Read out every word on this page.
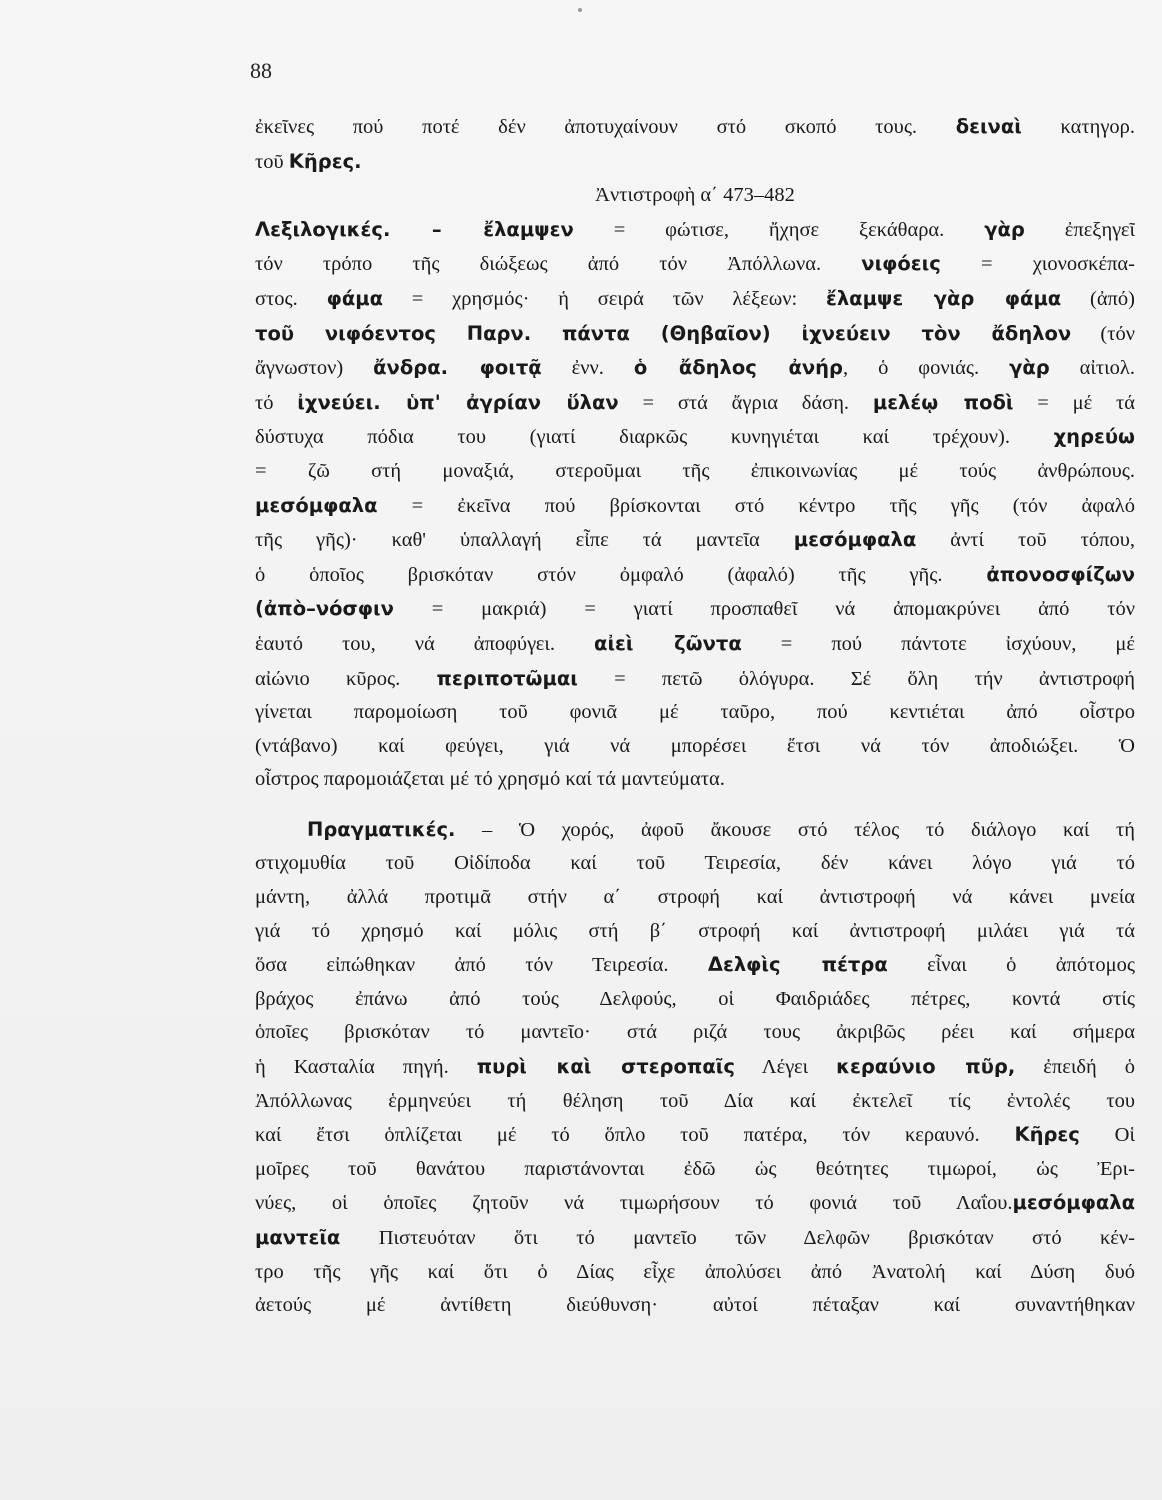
88
ἐκεῖνες πού ποτέ δέν ἀποτυχαίνουν στό σκοπό τους. δειναὶ κατηγορ.
τοῦ Κῆρες.
Ἀντιστροφὴ α΄ 473–482
Λεξιλογικές. – ἔλαμψεν = φώτισε, ἤχησε ξεκάθαρα. γὰρ ἐπεξηγεῖ
τόν τρόπο τῆς διώξεως ἀπό τόν Ἀπόλλωνα. νιφόεις = χιονοσκέπα-
στος. φάμα = χρησμός· ἡ σειρά τῶν λέξεων: ἔλαμψε γὰρ φάμα (ἀπό)
τοῦ νιφόεντος Παρν. πάντα (Θηβαῖον) ἰχνεύειν τὸν ἄδηλον (τόν
ἄγνωστον) ἄνδρα. φοιτᾷ ἐνν. ὁ ἄδηλος ἀνήρ, ὁ φονιάς. γὰρ αἰτιολ.
τό ἰχνεύει. ὑπ' ἀγρίαν ὕλαν = στά ἄγρια δάση. μελέῳ ποδὶ = μέ τά
δύστυχα πόδια του (γιατί διαρκῶς κυνηγιέται καί τρέχουν). χηρεύω
= ζῶ στή μοναξιά, στεροῦμαι τῆς ἐπικοινωνίας μέ τούς ἀνθρώπους.
μεσόμφαλα = ἐκεῖνα πού βρίσκονται στό κέντρο τῆς γῆς (τόν ἀφαλό
τῆς γῆς)· καθ' ὑπαλλαγή εἶπε τά μαντεῖα μεσόμφαλα ἀντί τοῦ τόπου,
ὁ ὁποῖος βρισκόταν στόν ὀμφαλό (ἀφαλό) τῆς γῆς. ἀπονοσφίζων
(ἀπὸ–νόσφιν = μακριά) = γιατί προσπαθεῖ νά ἀπομακρύνει ἀπό τόν
ἑαυτό του, νά ἀποφύγει. αἰεὶ ζῶντα = πού πάντοτε ἰσχύουν, μέ
αἰώνιο κῦρος. περιποτῶμαι = πετῶ ὁλόγυρα. Σέ ὅλη τήν ἀντιστροφή
γίνεται παρομοίωση τοῦ φονιᾶ μέ ταῦρο, πού κεντιέται ἀπό οἶστρο
(ντάβανο) καί φεύγει, γιά νά μπορέσει ἔτσι νά τόν ἀποδιώξει. Ὁ
οἶστρος παρομοιάζεται μέ τό χρησμό καί τά μαντεύματα.
Πραγματικές. – Ὁ χορός, ἀφοῦ ἄκουσε στό τέλος τό διάλογο καί τή
στιχομυθία τοῦ Οἰδίποδα καί τοῦ Τειρεσία, δέν κάνει λόγο γιά τό
μάντη, ἀλλά προτιμᾶ στήν α΄ στροφή καί ἀντιστροφή νά κάνει μνεία
γιά τό χρησμό καί μόλις στή β΄ στροφή καί ἀντιστροφή μιλάει γιά τά
ὅσα εἰπώθηκαν ἀπό τόν Τειρεσία. Δελφὶς πέτρα εἶναι ὁ ἀπότομος
βράχος ἐπάνω ἀπό τούς Δελφούς, οἱ Φαιδριάδες πέτρες, κοντά στίς
ὁποῖες βρισκόταν τό μαντεῖο· στά ριζά τους ἀκριβῶς ρέει καί σήμερα
ἡ Κασταλία πηγή. πυρὶ καὶ στεροπαῖς Λέγει κεραύνιο πῦρ, ἐπειδή ὁ
Ἀπόλλωνας ἑρμηνεύει τή θέληση τοῦ Δία καί ἐκτελεῖ τίς ἐντολές του
καί ἔτσι ὁπλίζεται μέ τό ὅπλο τοῦ πατέρα, τόν κεραυνό. Κῆρες Οἱ
μοῖρες τοῦ θανάτου παριστάνονται ἐδῶ ὡς θεότητες τιμωροί, ὡς Ἐρι-
νύες, οἱ ὁποῖες ζητοῦν νά τιμωρήσουν τό φονιά τοῦ Λαΐου.μεσόμφαλα
μαντεῖα Πιστευόταν ὅτι τό μαντεῖο τῶν Δελφῶν βρισκόταν στό κέν-
τρο τῆς γῆς καί ὅτι ὁ Δίας εἶχε ἀπολύσει ἀπό Ἀνατολή καί Δύση δυό
ἀετούς μέ ἀντίθετη διεύθυνση· αὐτοί πέταξαν καί συναντήθηκαν
